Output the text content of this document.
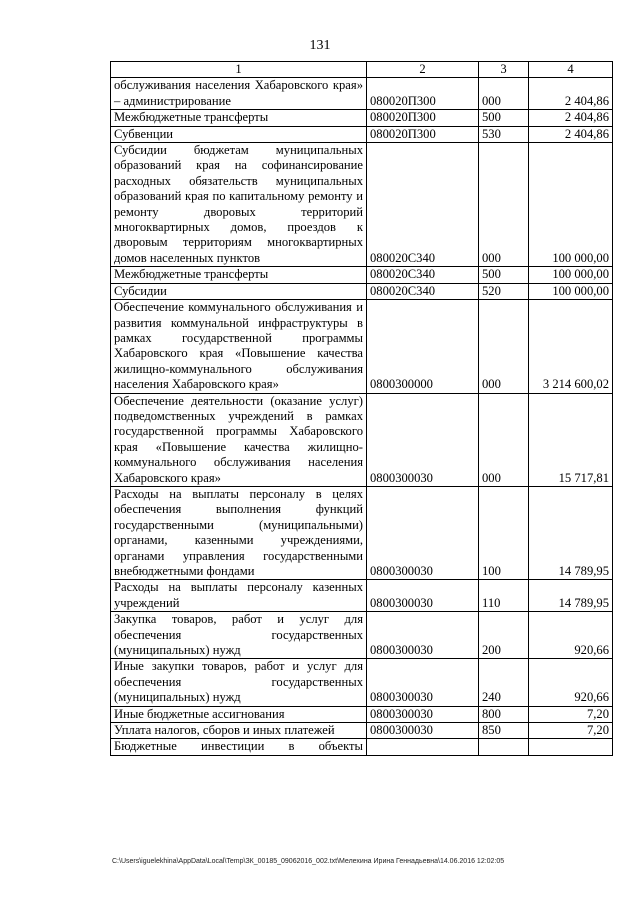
131
1	2	3	4
обслуживания населения Хабаровского края» – администрирование	080020П300	000	2 404,86
Межбюджетные трансферты	080020П300	500	2 404,86
Субвенции	080020П300	530	2 404,86
Субсидии бюджетам муниципальных образований края на софинансирование расходных обязательств муниципальных образований края по капитальному ремонту и ремонту дворовых территорий многоквартирных домов, проездов к дворовым территориям многоквартирных домов населенных пунктов	080020С340	000	100 000,00
Межбюджетные трансферты	080020С340	500	100 000,00
Субсидии	080020С340	520	100 000,00
Обеспечение коммунального обслуживания и развития коммунальной инфраструктуры в рамках государственной программы Хабаровского края «Повышение качества жилищно-коммунального обслуживания населения Хабаровского края»	0800300000	000	3 214 600,02
Обеспечение деятельности (оказание услуг) подведомственных учреждений в рамках государственной программы Хабаровского края «Повышение качества жилищно-коммунального обслуживания населения Хабаровского края»	0800300030	000	15 717,81
Расходы на выплаты персоналу в целях обеспечения выполнения функций государственными (муниципальными) органами, казенными учреждениями, органами управления государственными внебюджетными фондами	0800300030	100	14 789,95
Расходы на выплаты персоналу казенных учреждений	0800300030	110	14 789,95
Закупка товаров, работ и услуг для обеспечения государственных (муниципальных) нужд	0800300030	200	920,66
Иные закупки товаров, работ и услуг для обеспечения государственных (муниципальных) нужд	0800300030	240	920,66
Иные бюджетные ассигнования	0800300030	800	7,20
Уплата налогов, сборов и иных платежей	0800300030	850	7,20
Бюджетные инвестиции в объекты			
C:\Users\iguelekhina\AppData\Local\Temp\ЗК_00185_09062016_002.txt\Мелехина Ирина Геннадьевна\14.06.2016 12:02:05
